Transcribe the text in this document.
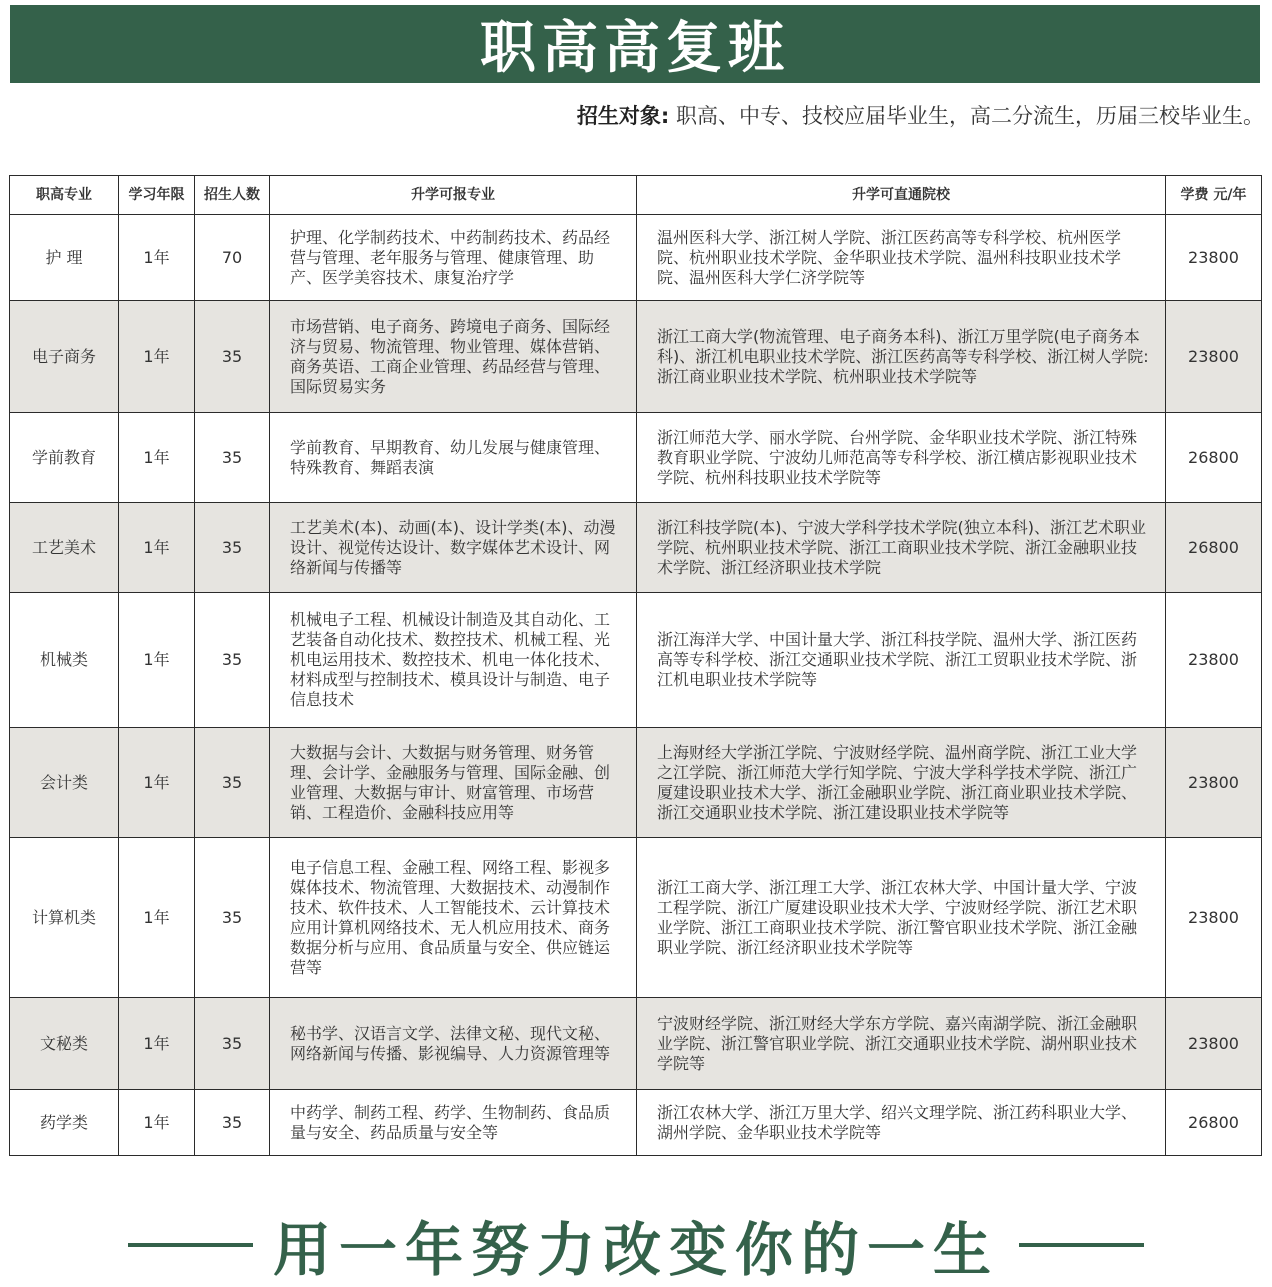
职高高复班
招生对象: 职高、中专、技校应届毕业生，高二分流生，历届三校毕业生。
职高专业	学习年限	招生人数	升学可报专业	升学可直通院校	学费 元/年
护 理	1年	70	护理、化学制药技术、中药制药技术、药品经营与管理、老年服务与管理、健康管理、助产、医学美容技术、康复治疗学	温州医科大学、浙江树人学院、浙江医药高等专科学校、杭州医学院、杭州职业技术学院、金华职业技术学院、温州科技职业技术学院、温州医科大学仁济学院等	23800
电子商务	1年	35	市场营销、电子商务、跨境电子商务、国际经济与贸易、物流管理、物业管理、媒体营销、商务英语、工商企业管理、药品经营与管理、国际贸易实务	浙江工商大学(物流管理、电子商务本科)、浙江万里学院(电子商务本科)、浙江机电职业技术学院、浙江医药高等专科学校、浙江树人学院:浙江商业职业技术学院、杭州职业技术学院等	23800
学前教育	1年	35	学前教育、早期教育、幼儿发展与健康管理、特殊教育、舞蹈表演	浙江师范大学、丽水学院、台州学院、金华职业技术学院、浙江特殊教育职业学院、宁波幼儿师范高等专科学校、浙江横店影视职业技术学院、杭州科技职业技术学院等	26800
工艺美术	1年	35	工艺美术(本)、动画(本)、设计学类(本)、动漫设计、视觉传达设计、数字媒体艺术设计、网络新闻与传播等	浙江科技学院(本)、宁波大学科学技术学院(独立本科)、浙江艺术职业学院、杭州职业技术学院、浙江工商职业技术学院、浙江金融职业技术学院、浙江经济职业技术学院	26800
机械类	1年	35	机械电子工程、机械设计制造及其自动化、工艺装备自动化技术、数控技术、机械工程、光机电运用技术、数控技术、机电一体化技术、材料成型与控制技术、模具设计与制造、电子信息技术	浙江海洋大学、中国计量大学、浙江科技学院、温州大学、浙江医药高等专科学校、浙江交通职业技术学院、浙江工贸职业技术学院、浙江机电职业技术学院等	23800
会计类	1年	35	大数据与会计、大数据与财务管理、财务管理、会计学、金融服务与管理、国际金融、创业管理、大数据与审计、财富管理、市场营销、工程造价、金融科技应用等	上海财经大学浙江学院、宁波财经学院、温州商学院、浙江工业大学之江学院、浙江师范大学行知学院、宁波大学科学技术学院、浙江广厦建设职业技术大学、浙江金融职业学院、浙江商业职业技术学院、浙江交通职业技术学院、浙江建设职业技术学院等	23800
计算机类	1年	35	电子信息工程、金融工程、网络工程、影视多媒体技术、物流管理、大数据技术、动漫制作技术、软件技术、人工智能技术、云计算技术应用计算机网络技术、无人机应用技术、商务数据分析与应用、食品质量与安全、供应链运营等	浙江工商大学、浙江理工大学、浙江农林大学、中国计量大学、宁波工程学院、浙江广厦建设职业技术大学、宁波财经学院、浙江艺术职业学院、浙江工商职业技术学院、浙江警官职业技术学院、浙江金融职业学院、浙江经济职业技术学院等	23800
文秘类	1年	35	秘书学、汉语言文学、法律文秘、现代文秘、网络新闻与传播、影视编导、人力资源管理等	宁波财经学院、浙江财经大学东方学院、嘉兴南湖学院、浙江金融职业学院、浙江警官职业学院、浙江交通职业技术学院、湖州职业技术学院等	23800
药学类	1年	35	中药学、制药工程、药学、生物制药、食品质量与安全、药品质量与安全等	浙江农林大学、浙江万里大学、绍兴文理学院、浙江药科职业大学、湖州学院、金华职业技术学院等	26800
用一年努力改变你的一生
